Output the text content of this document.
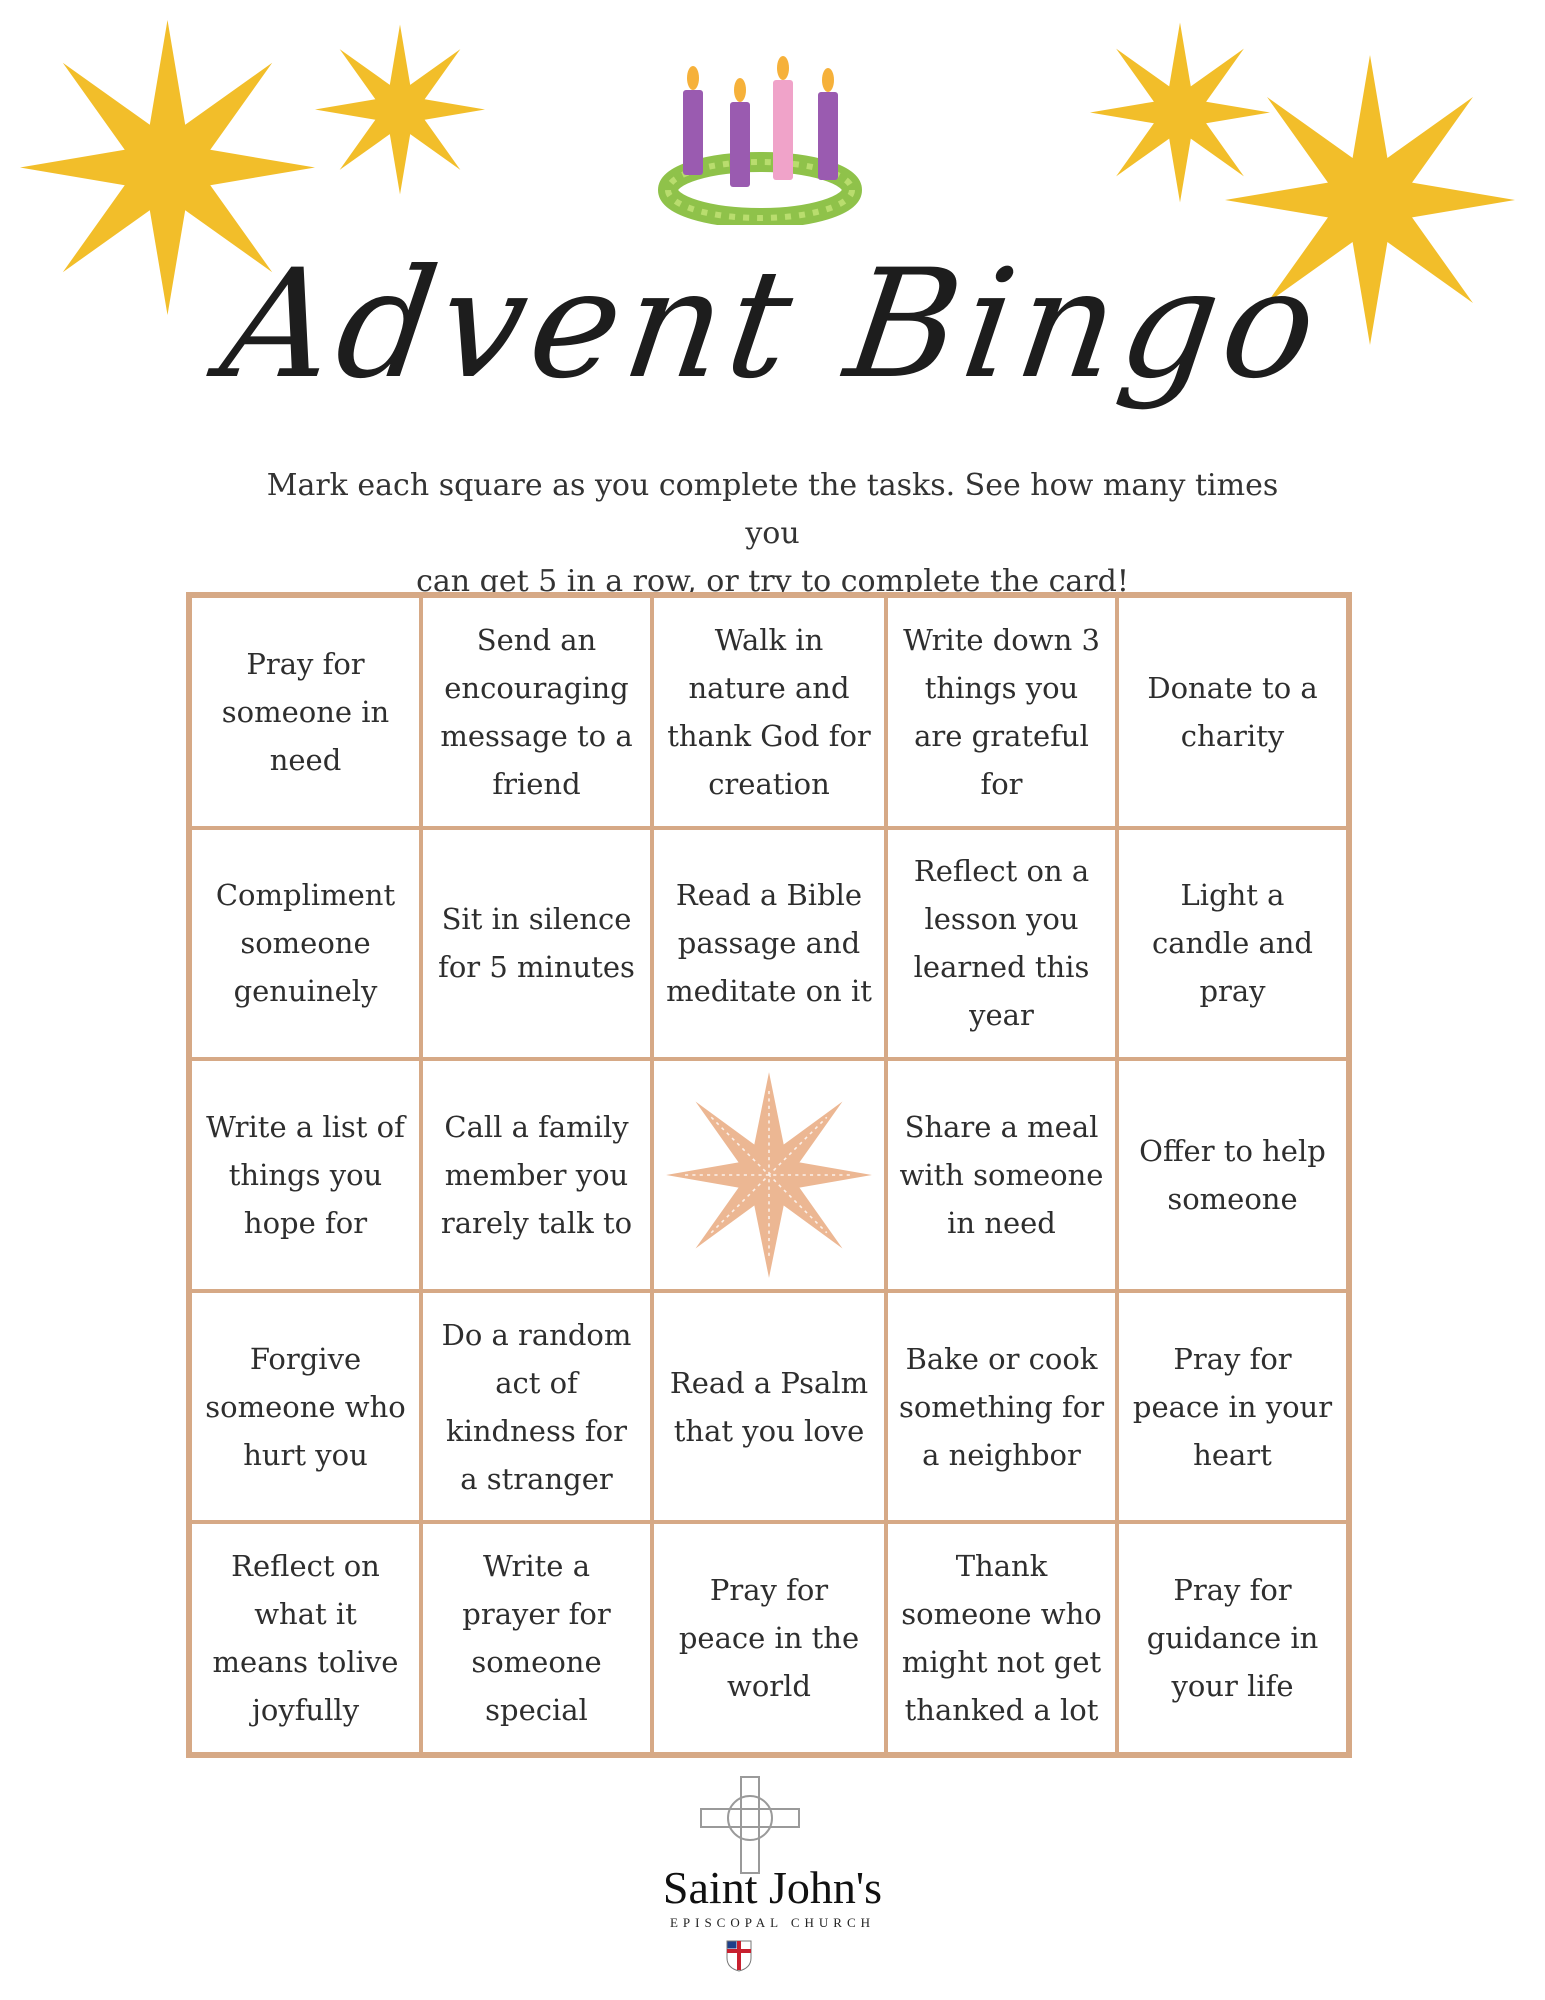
Advent Bingo
Mark each square as you complete the tasks. See how many times you
can get 5 in a row, or try to complete the card!
Pray for someone in need
Send an encouraging message to a friend
Walk in nature and thank God for creation
Write down 3 things you are grateful for
Donate to a charity
Compliment someone genuinely
Sit in silence for 5 minutes
Read a Bible passage and meditate on it
Reflect on a lesson you learned this year
Light a candle and pray
Write a list of things you hope for
Call a family member you rarely talk to
Share a meal with someone in need
Offer to help someone
Forgive someone who hurt you
Do a random act of kindness for a stranger
Read a Psalm that you love
Bake or cook something for a neighbor
Pray for peace in your heart
Reflect on what it means tolive joyfully
Write a prayer for someone special
Pray for peace in the world
Thank someone who might not get thanked a lot
Pray for guidance in your life
Saint John's
EPISCOPAL CHURCH
